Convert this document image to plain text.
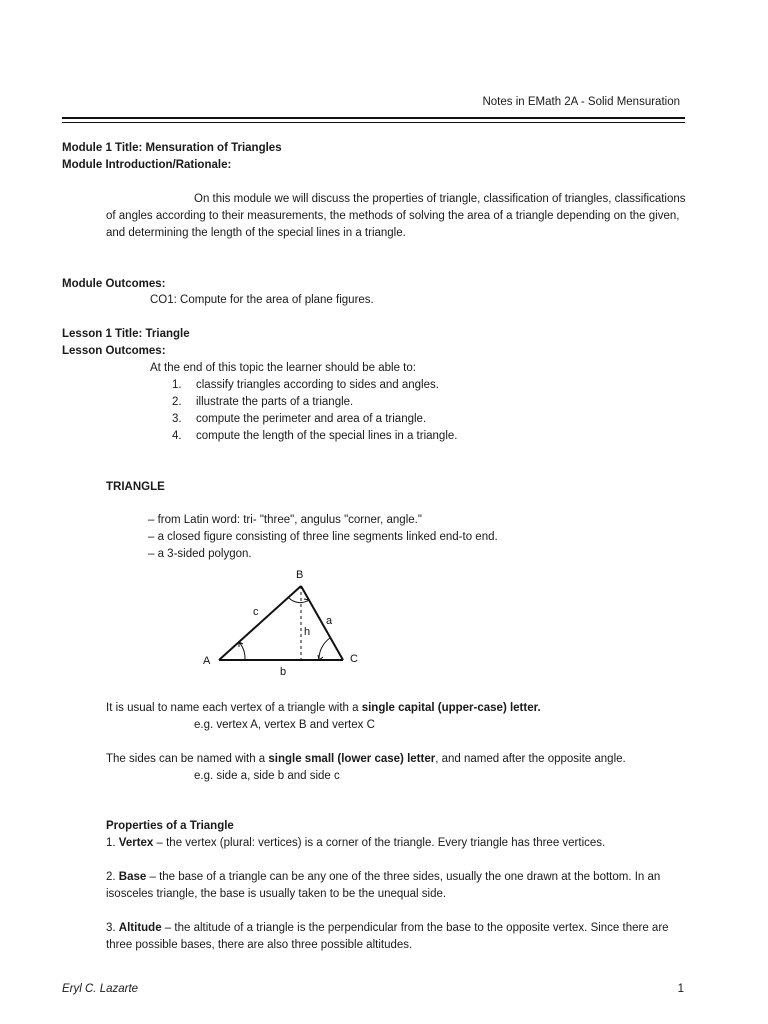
Notes in EMath 2A - Solid Mensuration
Module 1 Title: Mensuration of Triangles
Module Introduction/Rationale:
On this module we will discuss the properties of triangle, classification of triangles, classifications of angles according to their measurements, the methods of solving the area of a triangle depending on the given, and determining the length of the special lines in a triangle.
Module Outcomes:
CO1: Compute for the area of plane figures.
Lesson 1 Title: Triangle
Lesson Outcomes:
At the end of this topic the learner should be able to:
1.	classify triangles according to sides and angles.
2.	illustrate the parts of a triangle.
3.	compute the perimeter and area of a triangle.
4.	compute the length of the special lines in a triangle.
TRIANGLE
– from Latin word: tri- "three", angulus "corner, angle."
– a closed figure consisting of three line segments linked end-to end.
– a 3-sided polygon.
B
A	C
c
a
b
h
It is usual to name each vertex of a triangle with a single capital (upper-case) letter.
e.g. vertex A, vertex B and vertex C
The sides can be named with a single small (lower case) letter, and named after the opposite angle.
e.g. side a, side b and side c
Properties of a Triangle
1. Vertex – the vertex (plural: vertices) is a corner of the triangle. Every triangle has three vertices.
2. Base – the base of a triangle can be any one of the three sides, usually the one drawn at the bottom. In an isosceles triangle, the base is usually taken to be the unequal side.
3. Altitude – the altitude of a triangle is the perpendicular from the base to the opposite vertex. Since there are three possible bases, there are also three possible altitudes.
Eryl C. Lazarte	1
